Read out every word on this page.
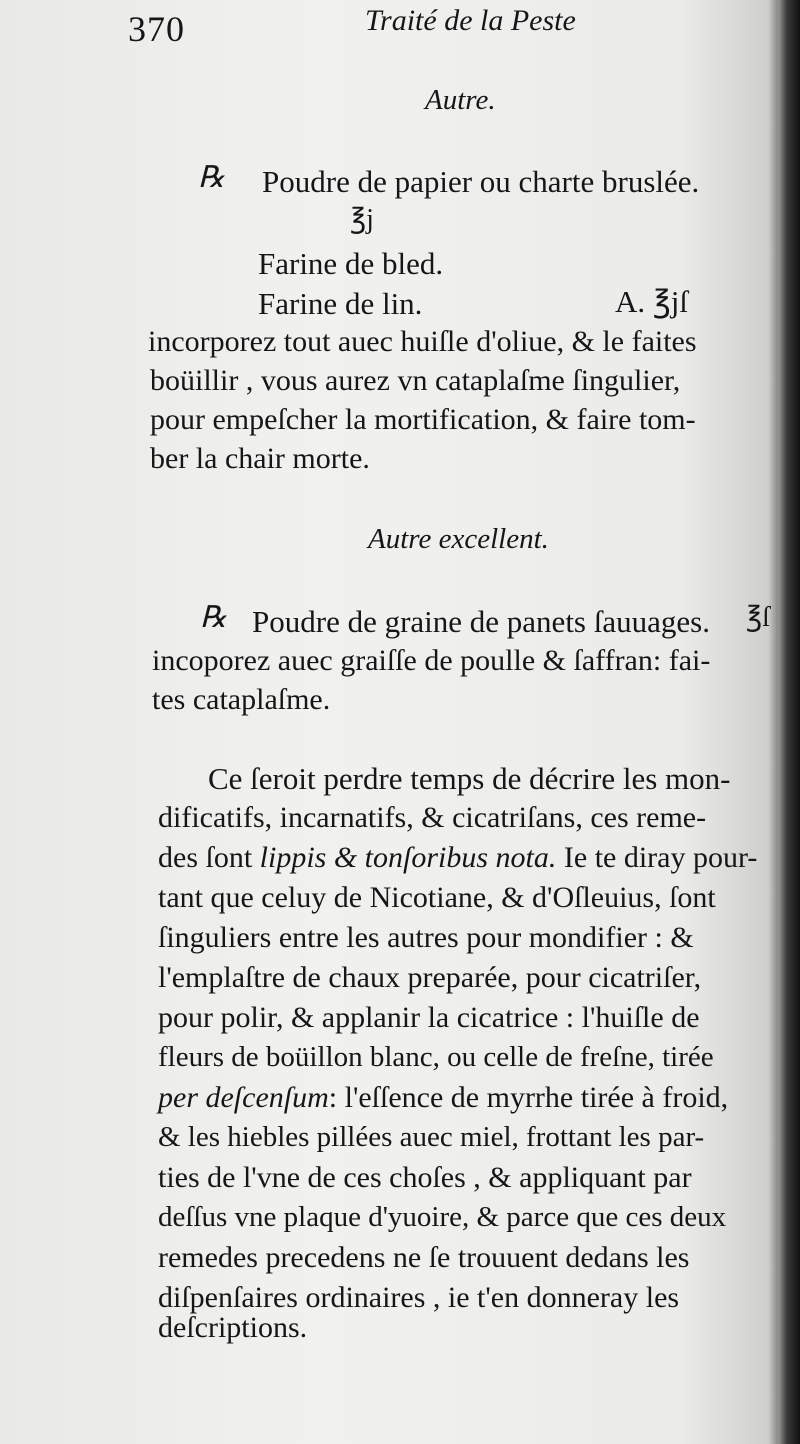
370	Traité de la Peste
Autre.
℞ Poudre de papier ou charte bruslée.
℥j
Farine de bled.
Farine de lin.	A. ℥jſ
incorporez tout auec huiſle d'oliue, & le faites
boüillir , vous aurez vn cataplaſme ſingulier,
pour empeſcher la mortification, & faire tom-
ber la chair morte.
Autre excellent.
℞ Poudre de graine de panets ſauuages. ℥ſ
incoporez auec graiſſe de poulle & ſaffran: fai-
tes cataplaſme.
Ce ſeroit perdre temps de décrire les mon-
dificatifs, incarnatifs, & cicatriſans, ces reme-
des ſont lippis & tonſoribus nota. Ie te diray pour-
tant que celuy de Nicotiane, & d'Oſleuius, ſont
ſinguliers entre les autres pour mondifier : &
l'emplaſtre de chaux preparée, pour cicatriſer,
pour polir, & applanir la cicatrice : l'huiſle de
fleurs de boüillon blanc, ou celle de freſne, tirée
per deſcenſum: l'eſſence de myrrhe tirée à froid,
& les hiebles pillées auec miel, frottant les par-
ties de l'vne de ces choſes , & appliquant par
deſſus vne plaque d'yuoire, & parce que ces deux
remedes precedens ne ſe trouuent dedans les
diſpenſaires ordinaires , ie t'en donneray les
deſcriptions.
